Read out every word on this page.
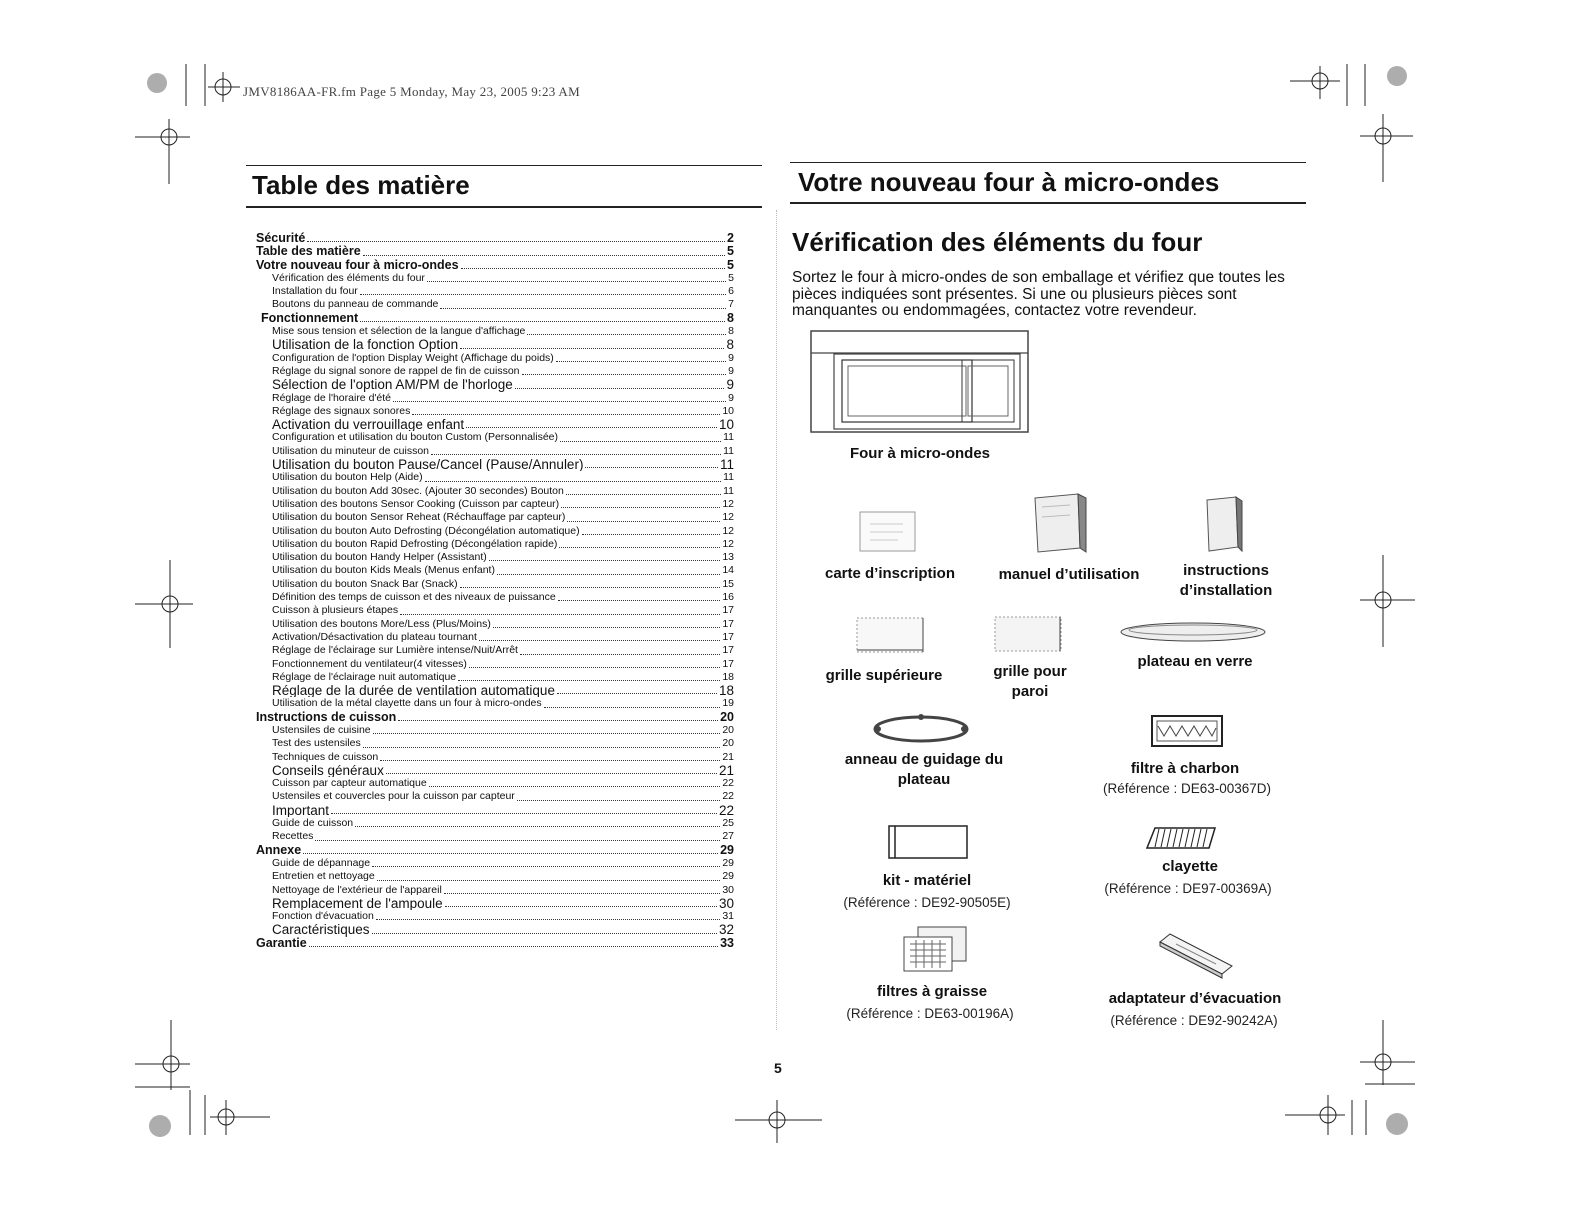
JMV8186AA-FR.fm Page 5 Monday, May 23, 2005 9:23 AM
Table des matière
Sécurité	2
Table des matière	5
Votre nouveau four à micro-ondes	5
Vérification des éléments du four	5
Installation du four	6
Boutons du panneau de commande	7
Fonctionnement	8
Mise sous tension et sélection de la langue d'affichage	8
Utilisation de la fonction Option	8
Configuration de l'option Display Weight (Affichage du poids)	9
Réglage du signal sonore de rappel de fin de cuisson	9
Sélection de l'option AM/PM de l'horloge	9
Réglage de l'horaire d'été	9
Réglage des signaux sonores	10
Activation du verrouillage enfant	10
Configuration et utilisation du bouton Custom (Personnalisée)	11
Utilisation du minuteur de cuisson	11
Utilisation du bouton Pause/Cancel (Pause/Annuler)	11
Utilisation du bouton Help (Aide)	11
Utilisation du bouton Add 30sec. (Ajouter 30 secondes) Bouton	11
Utilisation des boutons Sensor Cooking (Cuisson par capteur)	12
Utilisation du bouton Sensor Reheat (Réchauffage par capteur)	12
Utilisation du bouton Auto Defrosting (Décongélation automatique)	12
Utilisation du bouton Rapid Defrosting (Décongélation rapide)	12
Utilisation du bouton Handy Helper (Assistant)	13
Utilisation du bouton Kids Meals (Menus enfant)	14
Utilisation du bouton Snack Bar (Snack)	15
Définition des temps de cuisson et des niveaux de puissance	16
Cuisson à plusieurs étapes	17
Utilisation des boutons More/Less (Plus/Moins)	17
Activation/Désactivation du plateau tournant	17
Réglage de l'éclairage sur Lumière intense/Nuit/Arrêt	17
Fonctionnement du ventilateur(4 vitesses)	17
Réglage de l'éclairage nuit automatique	18
Réglage de la durée de ventilation automatique	18
Utilisation de la métal clayette dans un four à micro-ondes	19
Instructions de cuisson	20
Ustensiles de cuisine	20
Test des ustensiles	20
Techniques de cuisson	21
Conseils généraux	21
Cuisson par capteur automatique	22
Ustensiles et couvercles pour la cuisson par capteur	22
Important	22
Guide de cuisson	25
Recettes	27
Annexe	29
Guide de dépannage	29
Entretien et nettoyage	29
Nettoyage de l'extérieur de l'appareil	30
Remplacement de l'ampoule	30
Fonction d'évacuation	31
Caractéristiques	32
Garantie	33
Votre nouveau four à micro-ondes
Vérification des éléments du four
Sortez le four à micro-ondes de son emballage et vérifiez que toutes les pièces indiquées sont présentes. Si une ou plusieurs pièces sont manquantes ou endommagées, contactez votre revendeur.
Four à micro-ondes
carte d’inscription	manuel d’utilisation	instructions d’installation
grille supérieure	grille pour paroi
plateau en verre
anneau de guidage du plateau
filtre à charbon
(Référence : DE63-00367D)
kit - matériel
(Référence : DE92-90505E)
clayette
(Référence : DE97-00369A)
filtres à graisse
(Référence : DE63-00196A)
adaptateur d’évacuation
(Référence : DE92-90242A)
5
